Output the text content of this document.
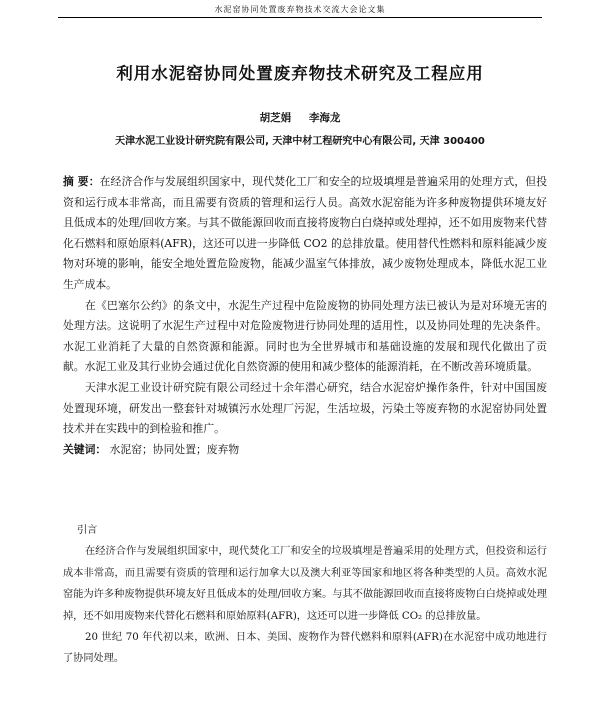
水泥窑协同处置废弃物技术交流大会论文集
利用水泥窑协同处置废弃物技术研究及工程应用
胡芝娟 李海龙
天津水泥工业设计研究院有限公司, 天津中材工程研究中心有限公司, 天津 300400

摘 要：在经济合作与发展组织国家中，现代焚化工厂和安全的垃圾填埋是普遍采用的处理方式，但投资和运行成本非常高，而且需要有资质的管理和运行人员。高效水泥窑能为许多种废物提供环境友好且低成本的处理/回收方案。与其不做能源回收而直接将废物白白烧掉或处理掉，还不如用废物来代替化石燃料和原始原料(AFR)，这还可以进一步降低 CO2 的总排放量。使用替代性燃料和原料能减少废物对环境的影响，能安全地处置危险废物，能减少温室气体排放，减少废物处理成本，降低水泥工业生产成本。

在《巴塞尔公约》的条文中，水泥生产过程中危险废物的协同处理方法已被认为是对环境无害的处理方法。这说明了水泥生产过程中对危险废物进行协同处理的适用性，以及协同处理的先决条件。水泥工业消耗了大量的自然资源和能源。同时也为全世界城市和基础设施的发展和现代化做出了贡献。水泥工业及其行业协会通过优化自然资源的使用和减少整体的能源消耗，在不断改善环境质量。

天津水泥工业设计研究院有限公司经过十余年潜心研究，结合水泥窑炉操作条件，针对中国国废处置现环境，研发出一整套针对城镇污水处理厂污泥，生活垃圾，污染土等废弃物的水泥窑协同处置技术并在实践中的到检验和推广。

关键词： 水泥窑；协同处置；废弃物

引言

在经济合作与发展组织国家中，现代焚化工厂和安全的垃圾填埋是普遍采用的处理方式，但投资和运行成本非常高，而且需要有资质的管理和运行加拿大以及澳大利亚等国家和地区将各种类型的人员。高效水泥窑能为许多种废物提供环境友好且低成本的处理/回收方案。与其不做能源回收而直接将废物白白烧掉或处理掉，还不如用废物来代替化石燃料和原始原料(AFR)，这还可以进一步降低 CO₂ 的总排放量。

20 世纪 70 年代初以来，欧洲、日本、美国、废物作为替代燃料和原料(AFR)在水泥窑中成功地进行了协同处理。
